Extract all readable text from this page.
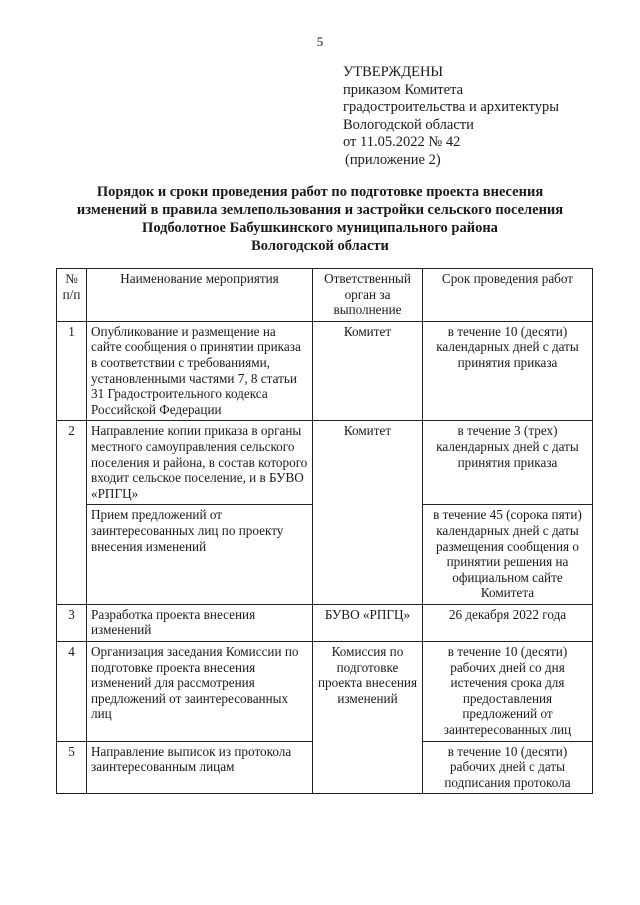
5
УТВЕРЖДЕНЫ
приказом Комитета
градостроительства и архитектуры
Вологодской области
от 11.05.2022 № 42
(приложение 2)
Порядок и сроки проведения работ по подготовке проекта внесения
изменений в правила землепользования и застройки сельского поселения
Подболотное Бабушкинского муниципального района
Вологодской области
№ п/п	Наименование мероприятия	Ответственный орган за выполнение	Срок проведения работ
1	Опубликование и размещение на сайте сообщения о принятии приказа в соответствии с требованиями, установленными частями 7, 8 статьи 31 Градостроительного кодекса Российской Федерации	Комитет	в течение 10 (десяти) календарных дней с даты принятия приказа
2	Направление копии приказа в органы местного самоуправления сельского поселения и района, в состав которого входит сельское поселение, и в БУВО «РПГЦ»	Комитет	в течение 3 (трех) календарных дней с даты принятия приказа
	Прием предложений от заинтересованных лиц по проекту внесения изменений		в течение 45 (сорока пяти) календарных дней с даты размещения сообщения о принятии решения на официальном сайте Комитета
3	Разработка проекта внесения изменений	БУВО «РПГЦ»	26 декабря 2022 года
4	Организация заседания Комиссии по подготовке проекта внесения изменений для рассмотрения предложений от заинтересованных лиц	Комиссия по подготовке проекта внесения изменений	в течение 10 (десяти) рабочих дней со дня истечения срока для предоставления предложений от заинтересованных лиц
5	Направление выписок из протокола заинтересованным лицам		в течение 10 (десяти) рабочих дней с даты подписания протокола
